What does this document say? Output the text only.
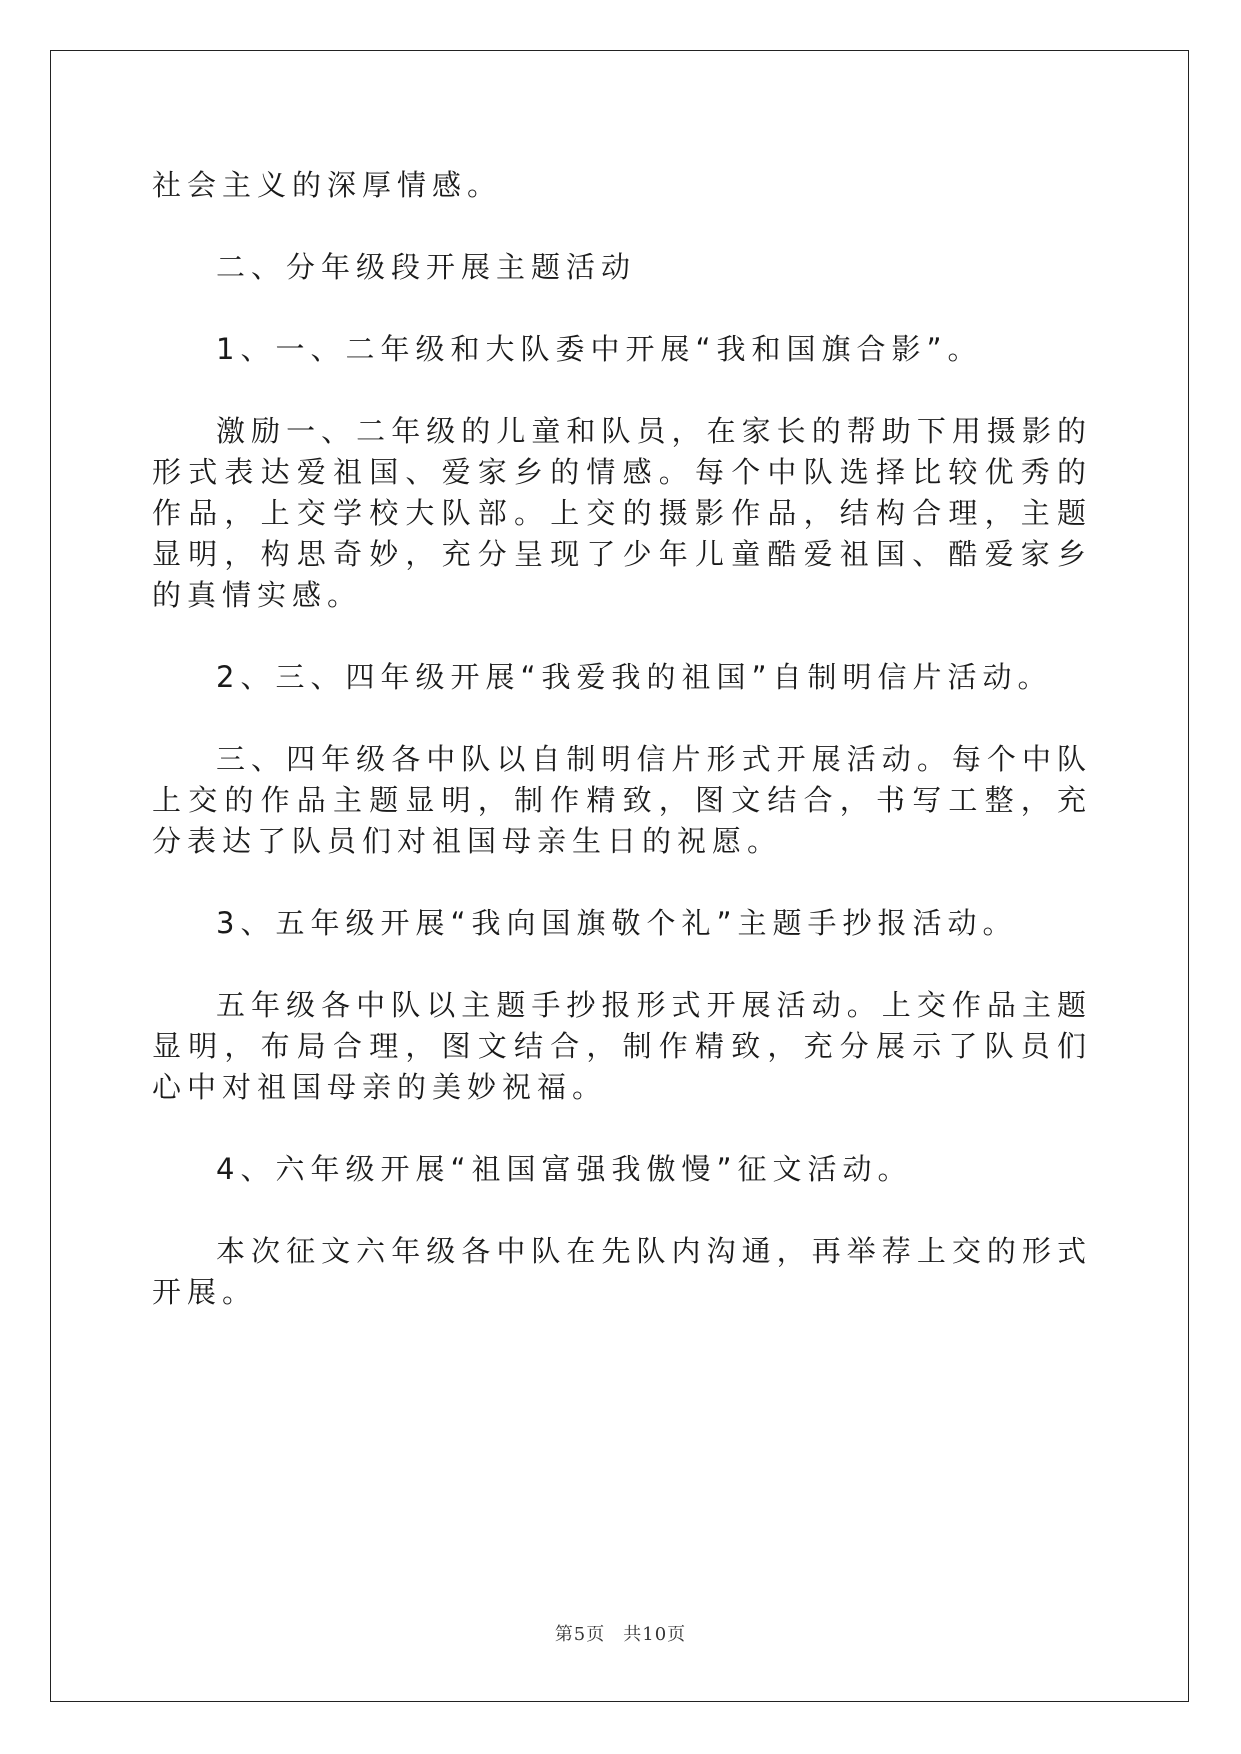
社会主义的深厚情感。

二、分年级段开展主题活动

1、一、二年级和大队委中开展“我和国旗合影”。

激励一、二年级的儿童和队员，在家长的帮助下用摄影的形式表达爱祖国、爱家乡的情感。每个中队选择比较优秀的作品，上交学校大队部。上交的摄影作品，结构合理，主题显明，构思奇妙，充分呈现了少年儿童酷爱祖国、酷爱家乡的真情实感。

2、三、四年级开展“我爱我的祖国”自制明信片活动。

三、四年级各中队以自制明信片形式开展活动。每个中队上交的作品主题显明，制作精致，图文结合，书写工整，充分表达了队员们对祖国母亲生日的祝愿。

3、五年级开展“我向国旗敬个礼”主题手抄报活动。

五年级各中队以主题手抄报形式开展活动。上交作品主题显明，布局合理，图文结合，制作精致，充分展示了队员们心中对祖国母亲的美妙祝福。

4、六年级开展“祖国富强我傲慢”征文活动。

本次征文六年级各中队在先队内沟通，再举荐上交的形式开展。

第5页 共10页
